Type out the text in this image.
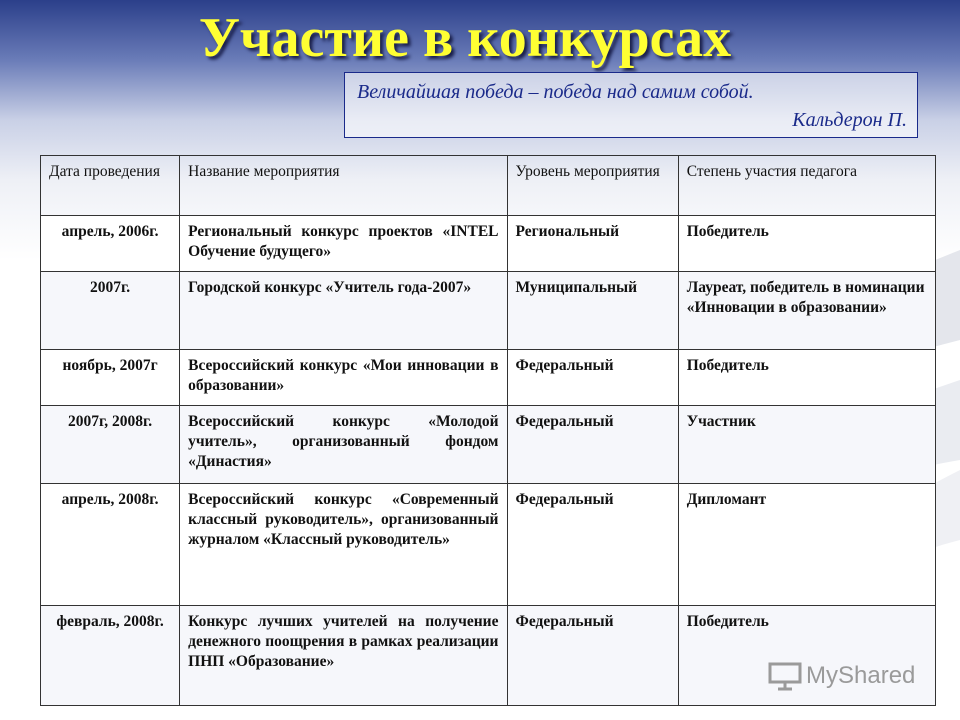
Участие в конкурсах
Величайшая победа – победа над самим собой.
Кальдерон П.
Дата проведения	Название мероприятия	Уровень мероприятия	Степень участия педагога
апрель, 2006г.	Региональный конкурс проектов «INTEL Обучение будущего»	Региональный	Победитель
2007г.	Городской конкурс «Учитель года-2007»	Муниципальный	Лауреат, победитель в номинации «Инновации в образовании»
ноябрь, 2007г	Всероссийский конкурс «Мои инновации в образовании»	Федеральный	Победитель
2007г, 2008г.	Всероссийский конкурс «Молодой учитель», организованный фондом «Династия»	Федеральный	Участник
апрель, 2008г.	Всероссийский конкурс «Современный классный руководитель», организованный журналом «Классный руководитель»	Федеральный	Дипломант
февраль, 2008г.	Конкурс лучших учителей на получение денежного поощрения в рамках реализации ПНП «Образование»	Федеральный	Победитель
MyShared
